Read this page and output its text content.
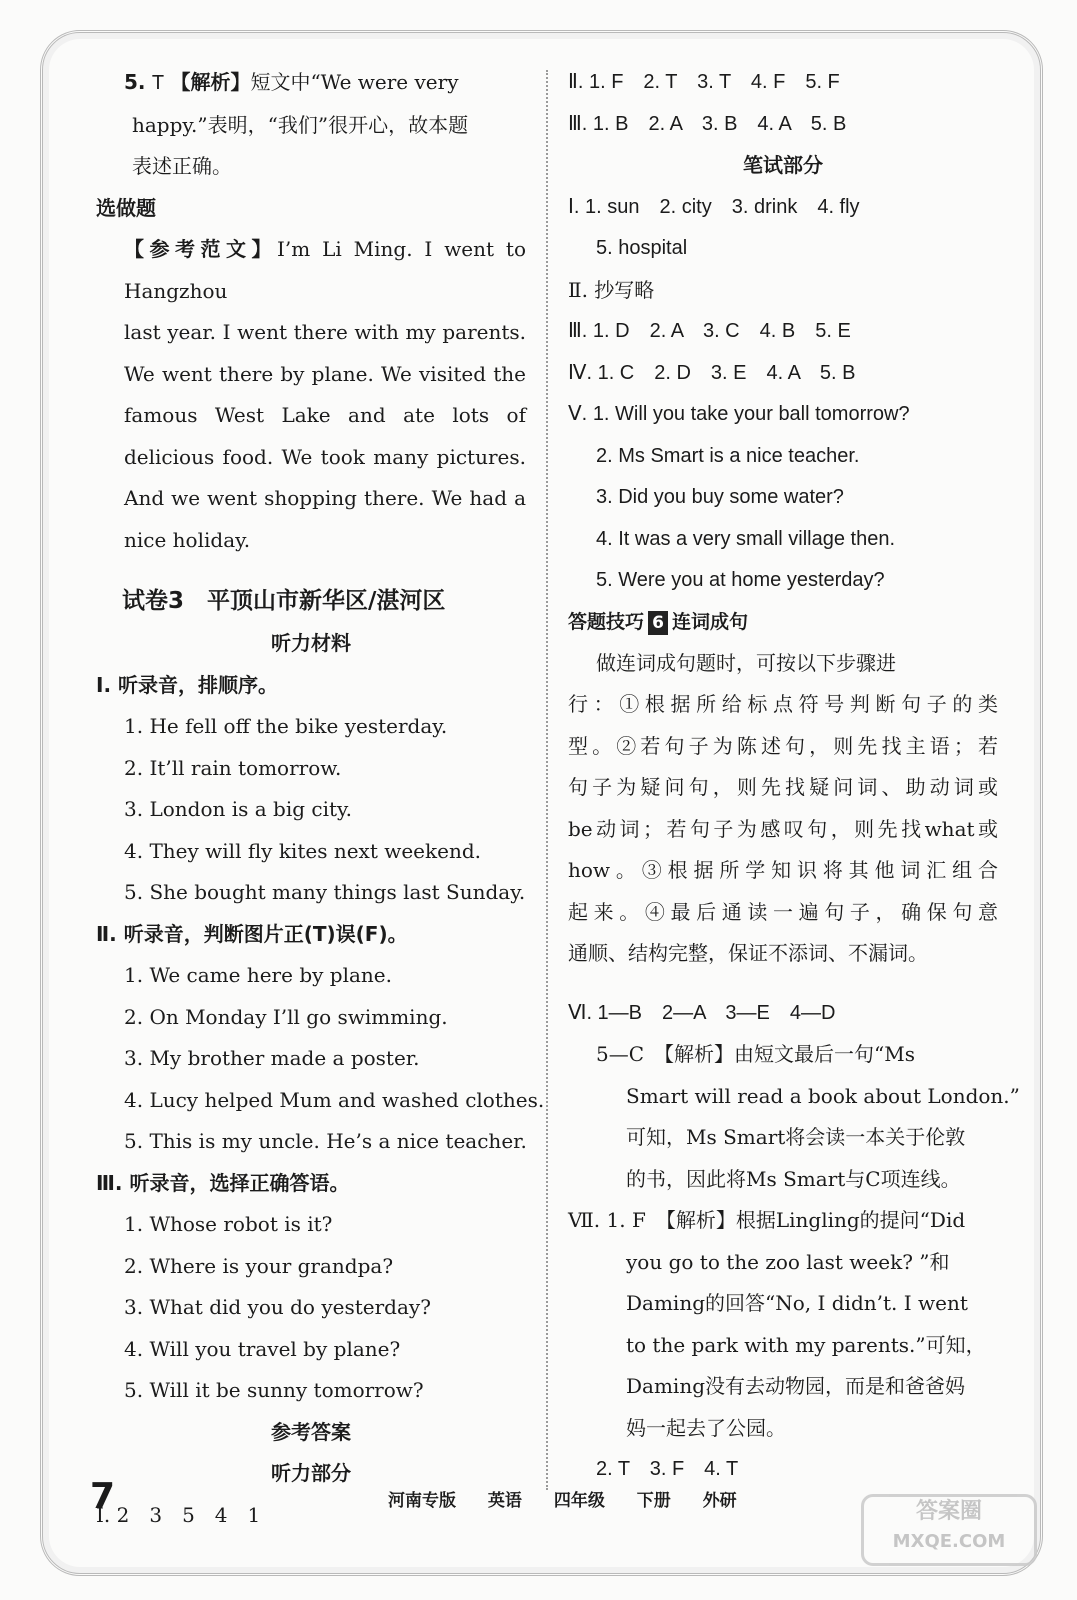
5. T 【解析】短文中“We were very
happy.”表明，“我们”很开心，故本题
表述正确。
选做题
【参考范文】I’m Li Ming. I went to Hangzhou
last year. I went there with my parents.
We went there by plane. We visited the
famous West Lake and ate lots of
delicious food. We took many pictures.
And we went shopping there. We had a
nice holiday.
试卷3　平顶山市新华区/湛河区
听力材料
Ⅰ. 听录音，排顺序。
1. He fell off the bike yesterday.
2. It’ll rain tomorrow.
3. London is a big city.
4. They will fly kites next weekend.
5. She bought many things last Sunday.
Ⅱ. 听录音，判断图片正(T)误(F)。
1. We came here by plane.
2. On Monday I’ll go swimming.
3. My brother made a poster.
4. Lucy helped Mum and washed clothes.
5. This is my uncle. He’s a nice teacher.
Ⅲ. 听录音，选择正确答语。
1. Whose robot is it?
2. Where is your grandpa?
3. What did you do yesterday?
4. Will you travel by plane?
5. Will it be sunny tomorrow?
参考答案
听力部分
Ⅰ. 2　3　5　4　1
Ⅱ. 1. F　2. T　3. T　4. F　5. F
Ⅲ. 1. B　2. A　3. B　4. A　5. B
笔试部分
Ⅰ. 1. sun　2. city　3. drink　4. fly
5. hospital
Ⅱ. 抄写略
Ⅲ. 1. D　2. A　3. C　4. B　5. E
Ⅳ. 1. C　2. D　3. E　4. A　5. B
Ⅴ. 1. Will you take your ball tomorrow?
2. Ms Smart is a nice teacher.
3. Did you buy some water?
4. It was a very small village then.
5. Were you at home yesterday?
答题技巧 6 连词成句
做连词成句题时，可按以下步骤进
行：①根据所给标点符号判断句子的类
型。②若句子为陈述句，则先找主语；若
句子为疑问句，则先找疑问词、助动词或
be动词；若句子为感叹句，则先找what或
how。③根据所学知识将其他词汇组合
起来。④最后通读一遍句子，确保句意
通顺、结构完整，保证不添词、不漏词。
Ⅵ. 1—B　2—A　3—E　4—D
5—C　【解析】由短文最后一句“Ms
Smart will read a book about London.”
可知，Ms Smart将会读一本关于伦敦
的书，因此将Ms Smart与C项连线。
Ⅶ. 1. F　【解析】根据Lingling的提问“Did
you go to the zoo last week? ”和
Daming的回答“No, I didn’t. I went
to the park with my parents.”可知，
Daming没有去动物园，而是和爸爸妈
妈一起去了公园。
2. T　3. F　4. T
7	河南专版 英语 四年级 下册 外研	答案圈
MXQE.COM
